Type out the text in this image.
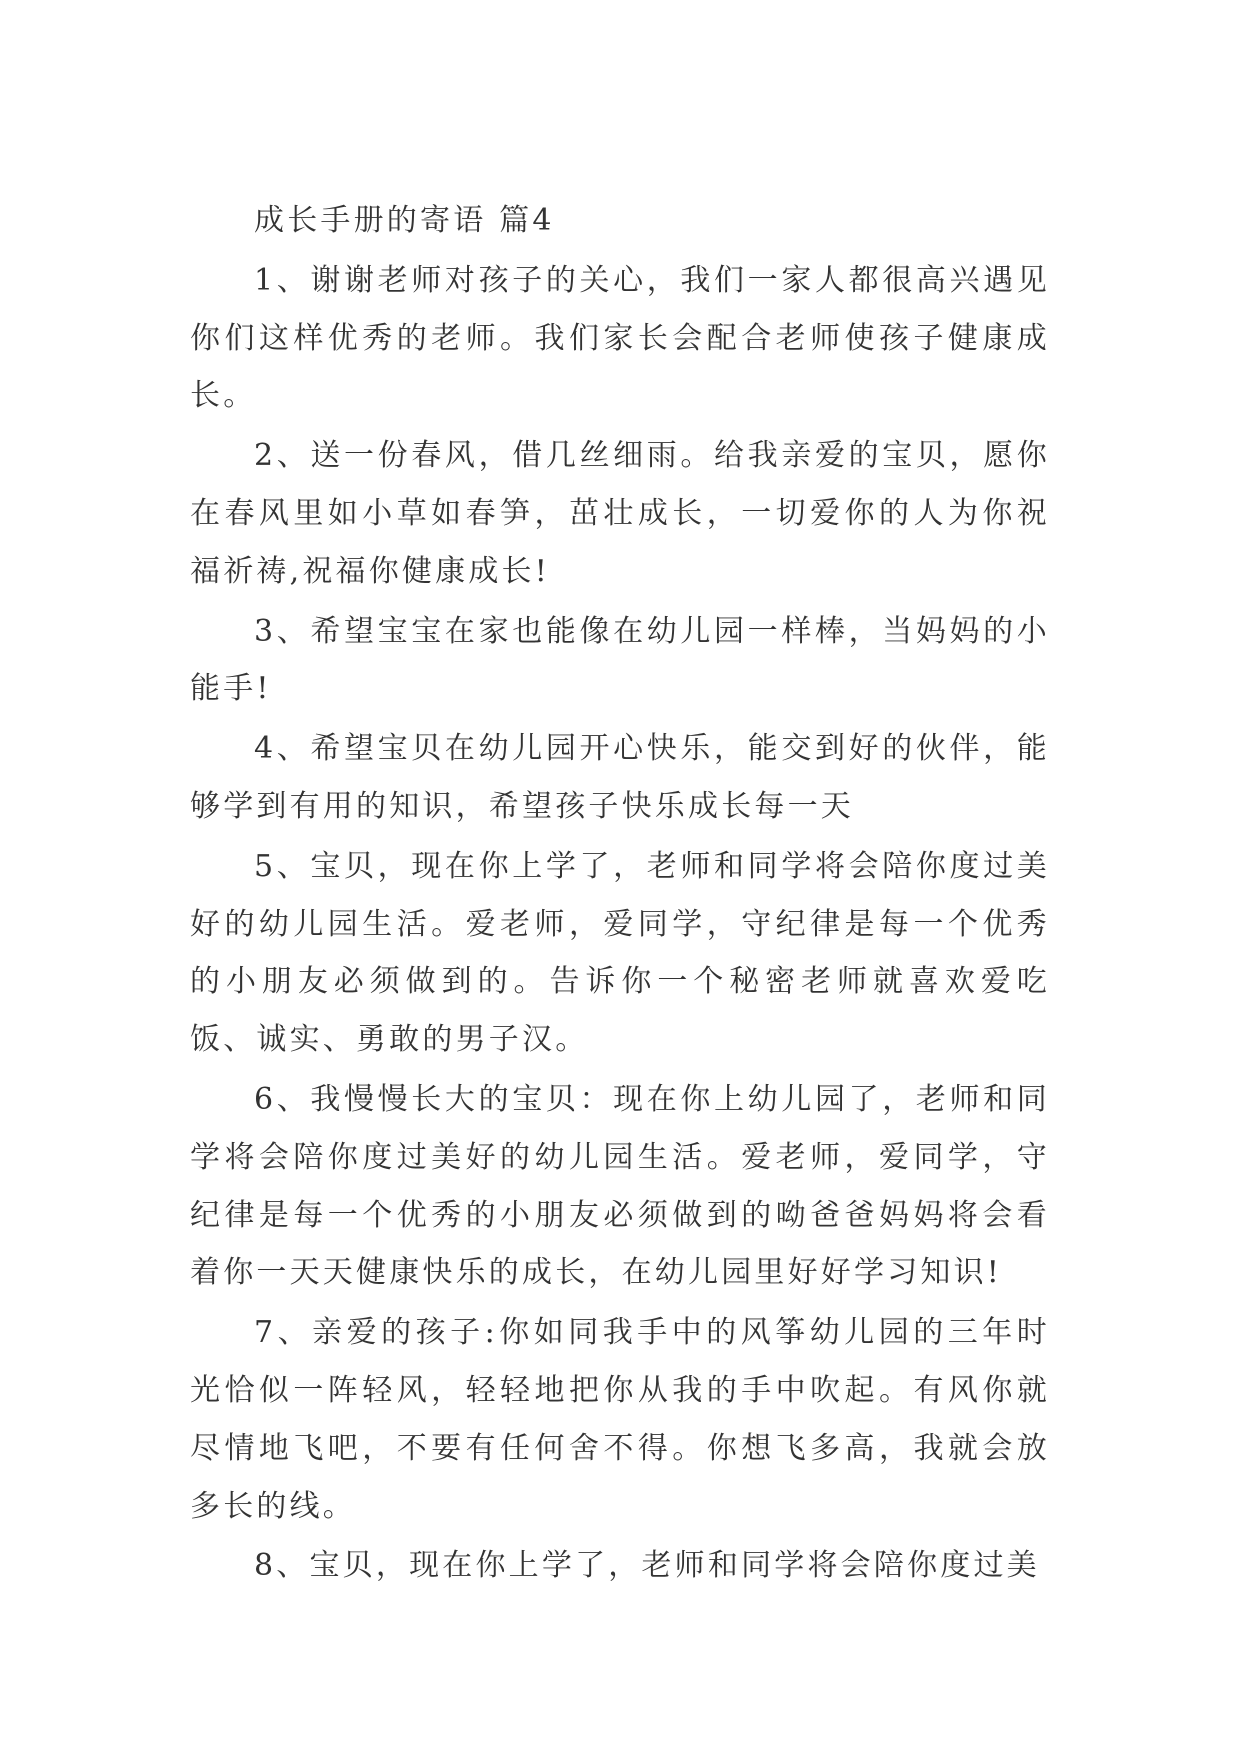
成长手册的寄语 篇4

1、谢谢老师对孩子的关心，我们一家人都很高兴遇见你们这样优秀的老师。我们家长会配合老师使孩子健康成长。

2、送一份春风，借几丝细雨。给我亲爱的宝贝，愿你在春风里如小草如春笋，茁壮成长，一切爱你的人为你祝福祈祷,祝福你健康成长!

3、希望宝宝在家也能像在幼儿园一样棒，当妈妈的小能手!

4、希望宝贝在幼儿园开心快乐，能交到好的伙伴，能够学到有用的知识，希望孩子快乐成长每一天

5、宝贝，现在你上学了，老师和同学将会陪你度过美好的幼儿园生活。爱老师，爱同学，守纪律是每一个优秀的小朋友必须做到的。告诉你一个秘密老师就喜欢爱吃饭、诚实、勇敢的男子汉。

6、我慢慢长大的宝贝：现在你上幼儿园了，老师和同学将会陪你度过美好的幼儿园生活。爱老师，爱同学，守纪律是每一个优秀的小朋友必须做到的呦爸爸妈妈将会看着你一天天健康快乐的成长，在幼儿园里好好学习知识!

7、亲爱的孩子:你如同我手中的风筝幼儿园的三年时光恰似一阵轻风，轻轻地把你从我的手中吹起。有风你就尽情地飞吧，不要有任何舍不得。你想飞多高，我就会放多长的线。

8、宝贝，现在你上学了，老师和同学将会陪你度过美
